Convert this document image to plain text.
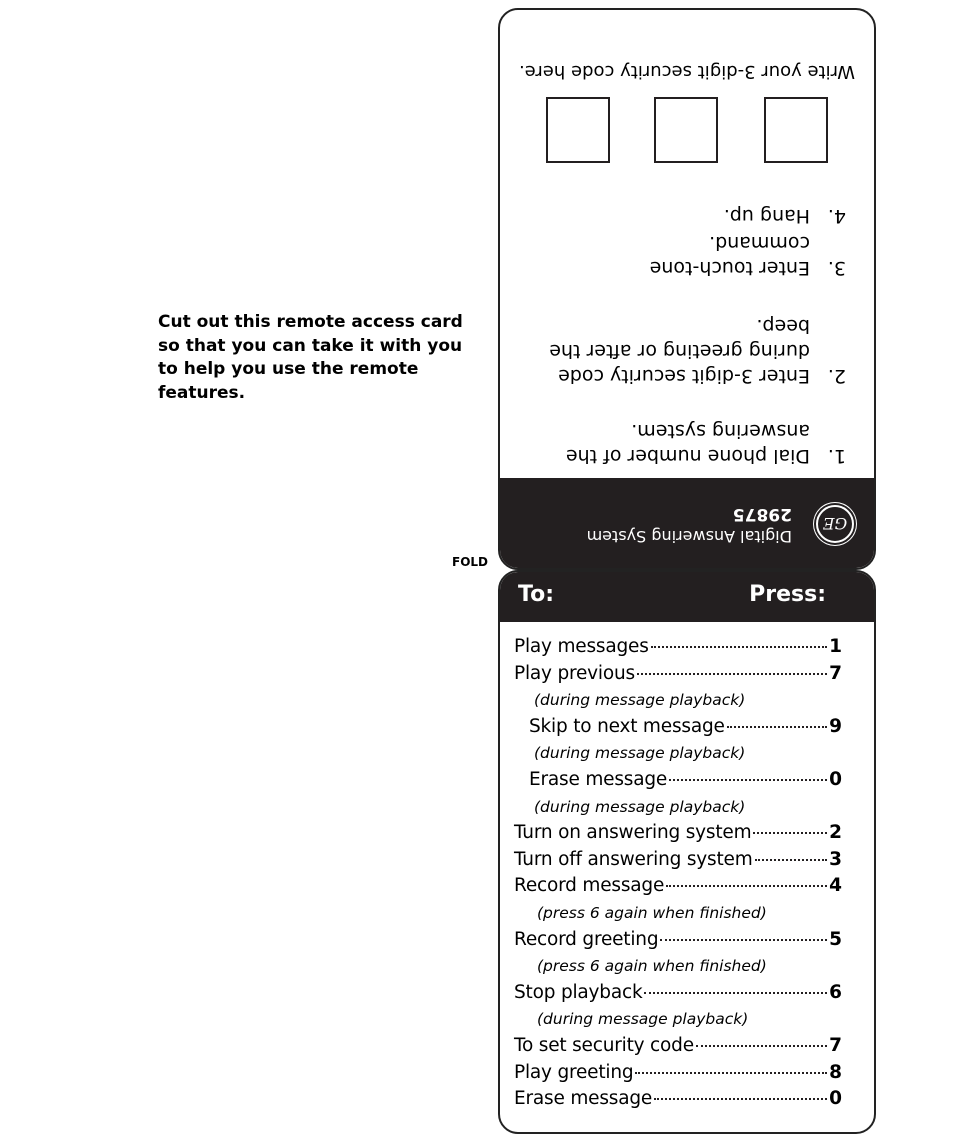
Cut out this remote access card so that you can take it with you to help you use the remote features.
FOLD
GE
Digital Answering System
29875
1.
Dial phone number of the answering system.
2.
Enter 3-digit security code during greeting or after the beep.
3.
Enter touch-tone command.
4.
Hang up.
Write your 3-digit security code here.
To:	Press:
Play messages	1
Play previous	7
(during message playback)
Skip to next message	9
(during message playback)
Erase message	0
(during message playback)
Turn on answering system	2
Turn off answering system	3
Record message	4
(press 6 again when finished)
Record greeting	5
(press 6 again when finished)
Stop playback	6
(during message playback)
To set security code	7
Play greeting	8
Erase message	0
